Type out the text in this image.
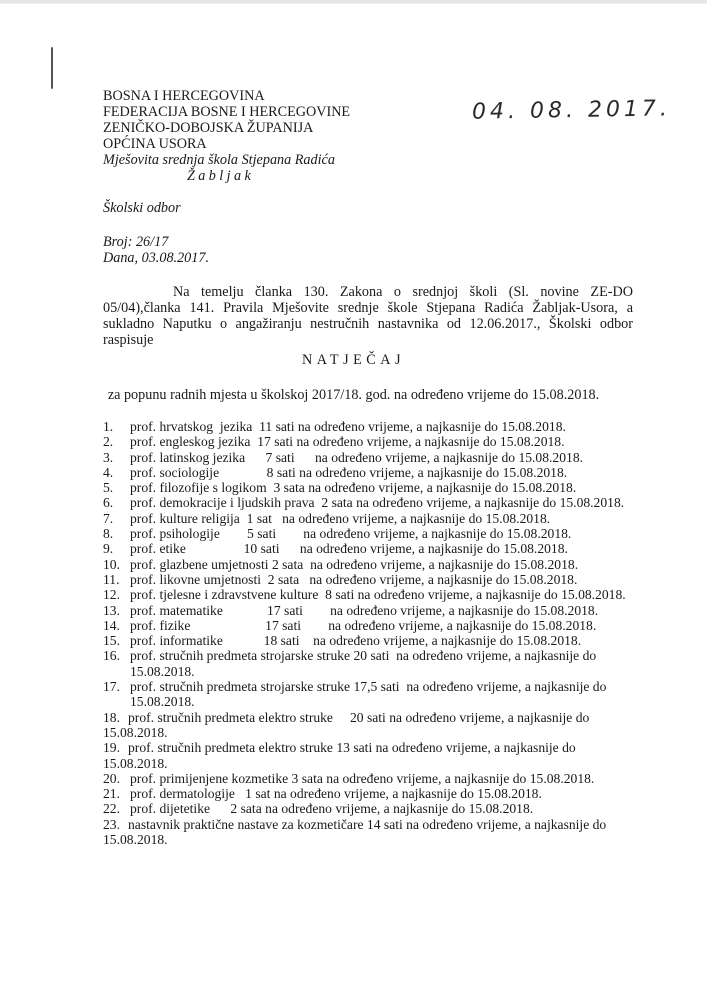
BOSNA I HERCEGOVINA
FEDERACIJA BOSNE I HERCEGOVINE
ZENIČKO-DOBOJSKA ŽUPANIJA
OPĆINA USORA
Mješovita srednja škola Stjepana Radića
Žabljak
04. 08. 2017.
Školski odbor
Broj: 26/17
Dana, 03.08.2017.
Na temelju članka 130. Zakona o srednjoj školi (Sl. novine ZE-DO 05/04),članka 141. Pravila Mješovite srednje škole Stjepana Radića Žabljak-Usora, a sukladno Naputku o angažiranju nestručnih nastavnika od 12.06.2017., Školski odbor raspisuje
NATJEČAJ
za popunu radnih mjesta u školskoj 2017/18. god. na određeno vrijeme do 15.08.2018.
1.	prof. hrvatskog  jezika  11 sati na određeno vrijeme, a najkasnije do 15.08.2018.
2.	prof. engleskog jezika  17 sati na određeno vrijeme, a najkasnije do 15.08.2018.
3.	prof. latinskog jezika      7 sati      na određeno vrijeme, a najkasnije do 15.08.2018.
4.	prof. sociologije              8 sati na određeno vrijeme, a najkasnije do 15.08.2018.
5.	prof. filozofije s logikom  3 sata na određeno vrijeme, a najkasnije do 15.08.2018.
6.	prof. demokracije i ljudskih prava  2 sata na određeno vrijeme, a najkasnije do 15.08.2018.
7.	prof. kulture religija  1 sat   na određeno vrijeme, a najkasnije do 15.08.2018.
8.	prof. psihologije        5 sati        na određeno vrijeme, a najkasnije do 15.08.2018.
9.	prof. etike                 10 sati      na određeno vrijeme, a najkasnije do 15.08.2018.
10. prof. glazbene umjetnosti 2 sata  na određeno vrijeme, a najkasnije do 15.08.2018.
11. prof. likovne umjetnosti  2 sata   na određeno vrijeme, a najkasnije do 15.08.2018.
12. prof. tjelesne i zdravstvene kulture  8 sati na određeno vrijeme, a najkasnije do 15.08.2018.
13. prof. matematike             17 sati        na određeno vrijeme, a najkasnije do 15.08.2018.
14. prof. fizike                      17 sati        na određeno vrijeme, a najkasnije do 15.08.2018.
15. prof. informatike            18 sati    na određeno vrijeme, a najkasnije do 15.08.2018.
16. prof. stručnih predmeta strojarske struke 20 sati  na određeno vrijeme, a najkasnije do 15.08.2018.
17. prof. stručnih predmeta strojarske struke 17,5 sati  na određeno vrijeme, a najkasnije do 15.08.2018.
18. prof. stručnih predmeta elektro struke     20 sati na određeno vrijeme, a najkasnije do 15.08.2018.
19. prof. stručnih predmeta elektro struke 13 sati na određeno vrijeme, a najkasnije do 15.08.2018.
20. prof. primijenjene kozmetike 3 sata na određeno vrijeme, a najkasnije do 15.08.2018.
21. prof. dermatologije   1 sat na određeno vrijeme, a najkasnije do 15.08.2018.
22. prof. dijetetike      2 sata na određeno vrijeme, a najkasnije do 15.08.2018.
23. nastavnik praktične nastave za kozmetičare 14 sati na određeno vrijeme, a najkasnije do 15.08.2018.
